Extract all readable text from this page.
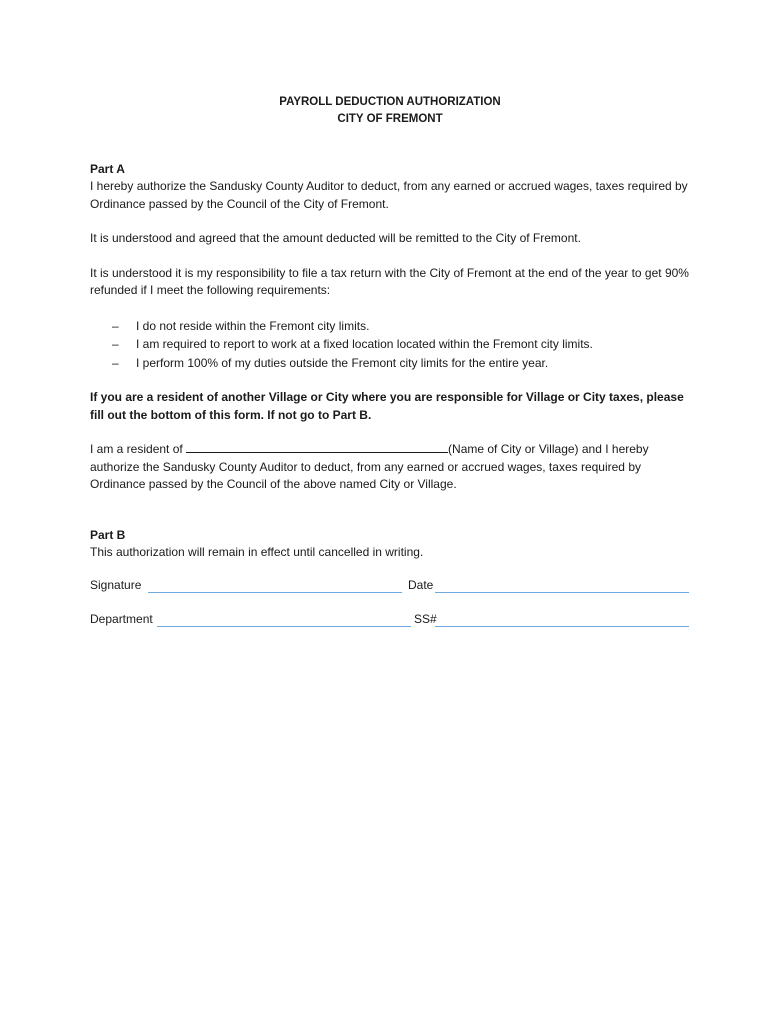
PAYROLL DEDUCTION AUTHORIZATION
CITY OF FREMONT
Part A

I hereby authorize the Sandusky County Auditor to deduct, from any earned or accrued wages, taxes required by Ordinance passed by the Council of the City of Fremont.

It is understood and agreed that the amount deducted will be remitted to the City of Fremont.

It is understood it is my responsibility to file a tax return with the City of Fremont at the end of the year to get 90% refunded if I meet the following requirements:

– I do not reside within the Fremont city limits.
– I am required to report to work at a fixed location located within the Fremont city limits.
– I perform 100% of my duties outside the Fremont city limits for the entire year.

If you are a resident of another Village or City where you are responsible for Village or City taxes, please fill out the bottom of this form. If not go to Part B.

I am a resident of	(Name of City or Village) and I hereby authorize the Sandusky County Auditor to deduct, from any earned or accrued wages, taxes required by Ordinance passed by the Council of the above named City or Village.

Part B

This authorization will remain in effect until cancelled in writing.

Signature	Date
Department	SS#
